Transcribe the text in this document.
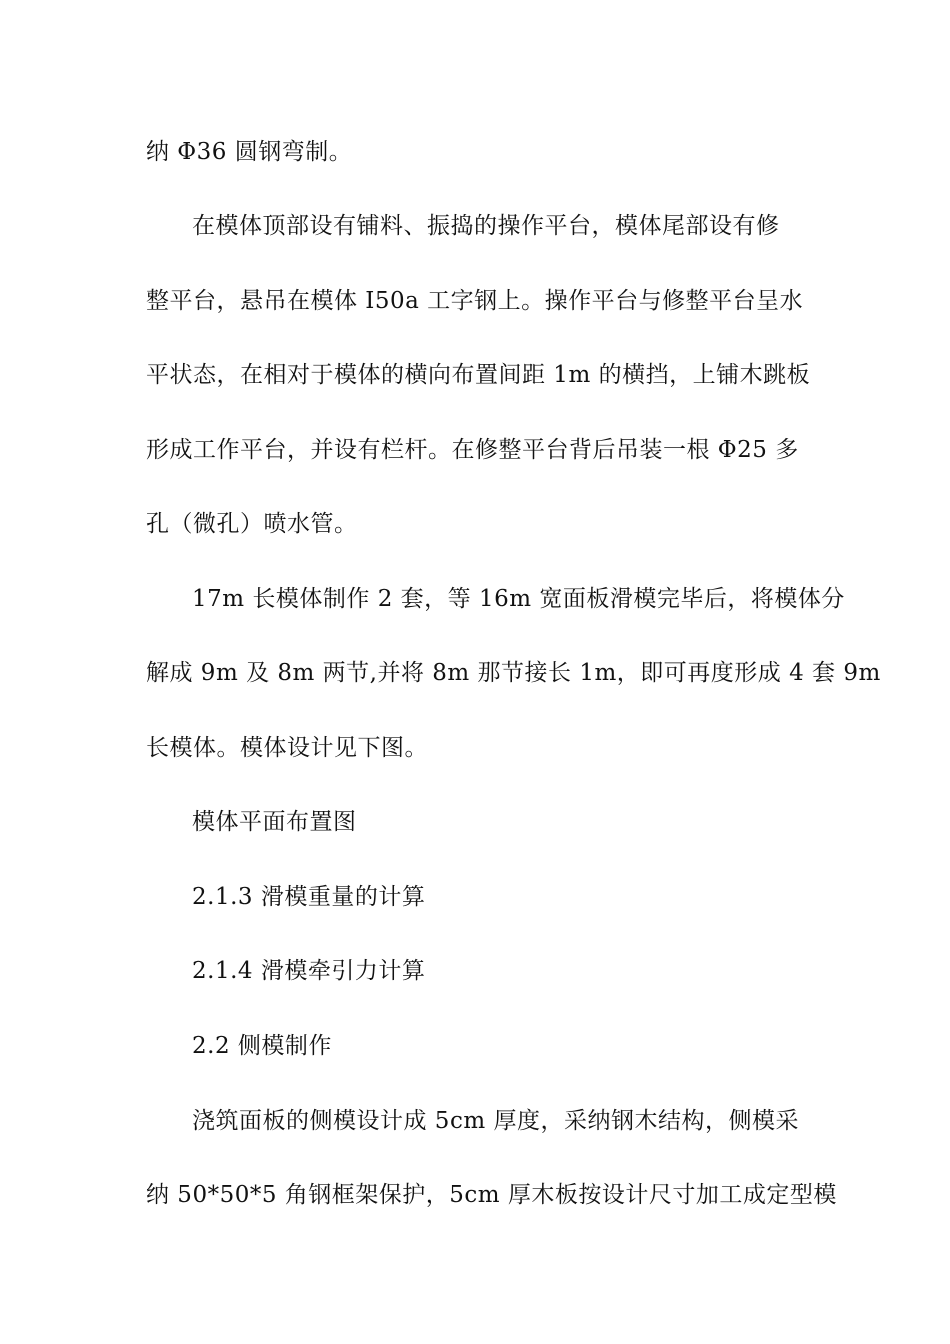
纳 Φ36 圆钢弯制。
在模体顶部设有铺料、振捣的操作平台，模体尾部设有修
整平台，悬吊在模体 I50a 工字钢上。操作平台与修整平台呈水
平状态，在相对于模体的横向布置间距 1m 的横挡，上铺木跳板
形成工作平台，并设有栏杆。在修整平台背后吊装一根 Φ25 多
孔（微孔）喷水管。
17m 长模体制作 2 套，等 16m 宽面板滑模完毕后，将模体分
解成 9m 及 8m 两节,并将 8m 那节接长 1m，即可再度形成 4 套 9m
长模体。模体设计见下图。
模体平面布置图
2.1.3 滑模重量的计算
2.1.4 滑模牵引力计算
2.2 侧模制作
浇筑面板的侧模设计成 5cm 厚度，采纳钢木结构，侧模采
纳 50*50*5 角钢框架保护，5cm 厚木板按设计尺寸加工成定型模
